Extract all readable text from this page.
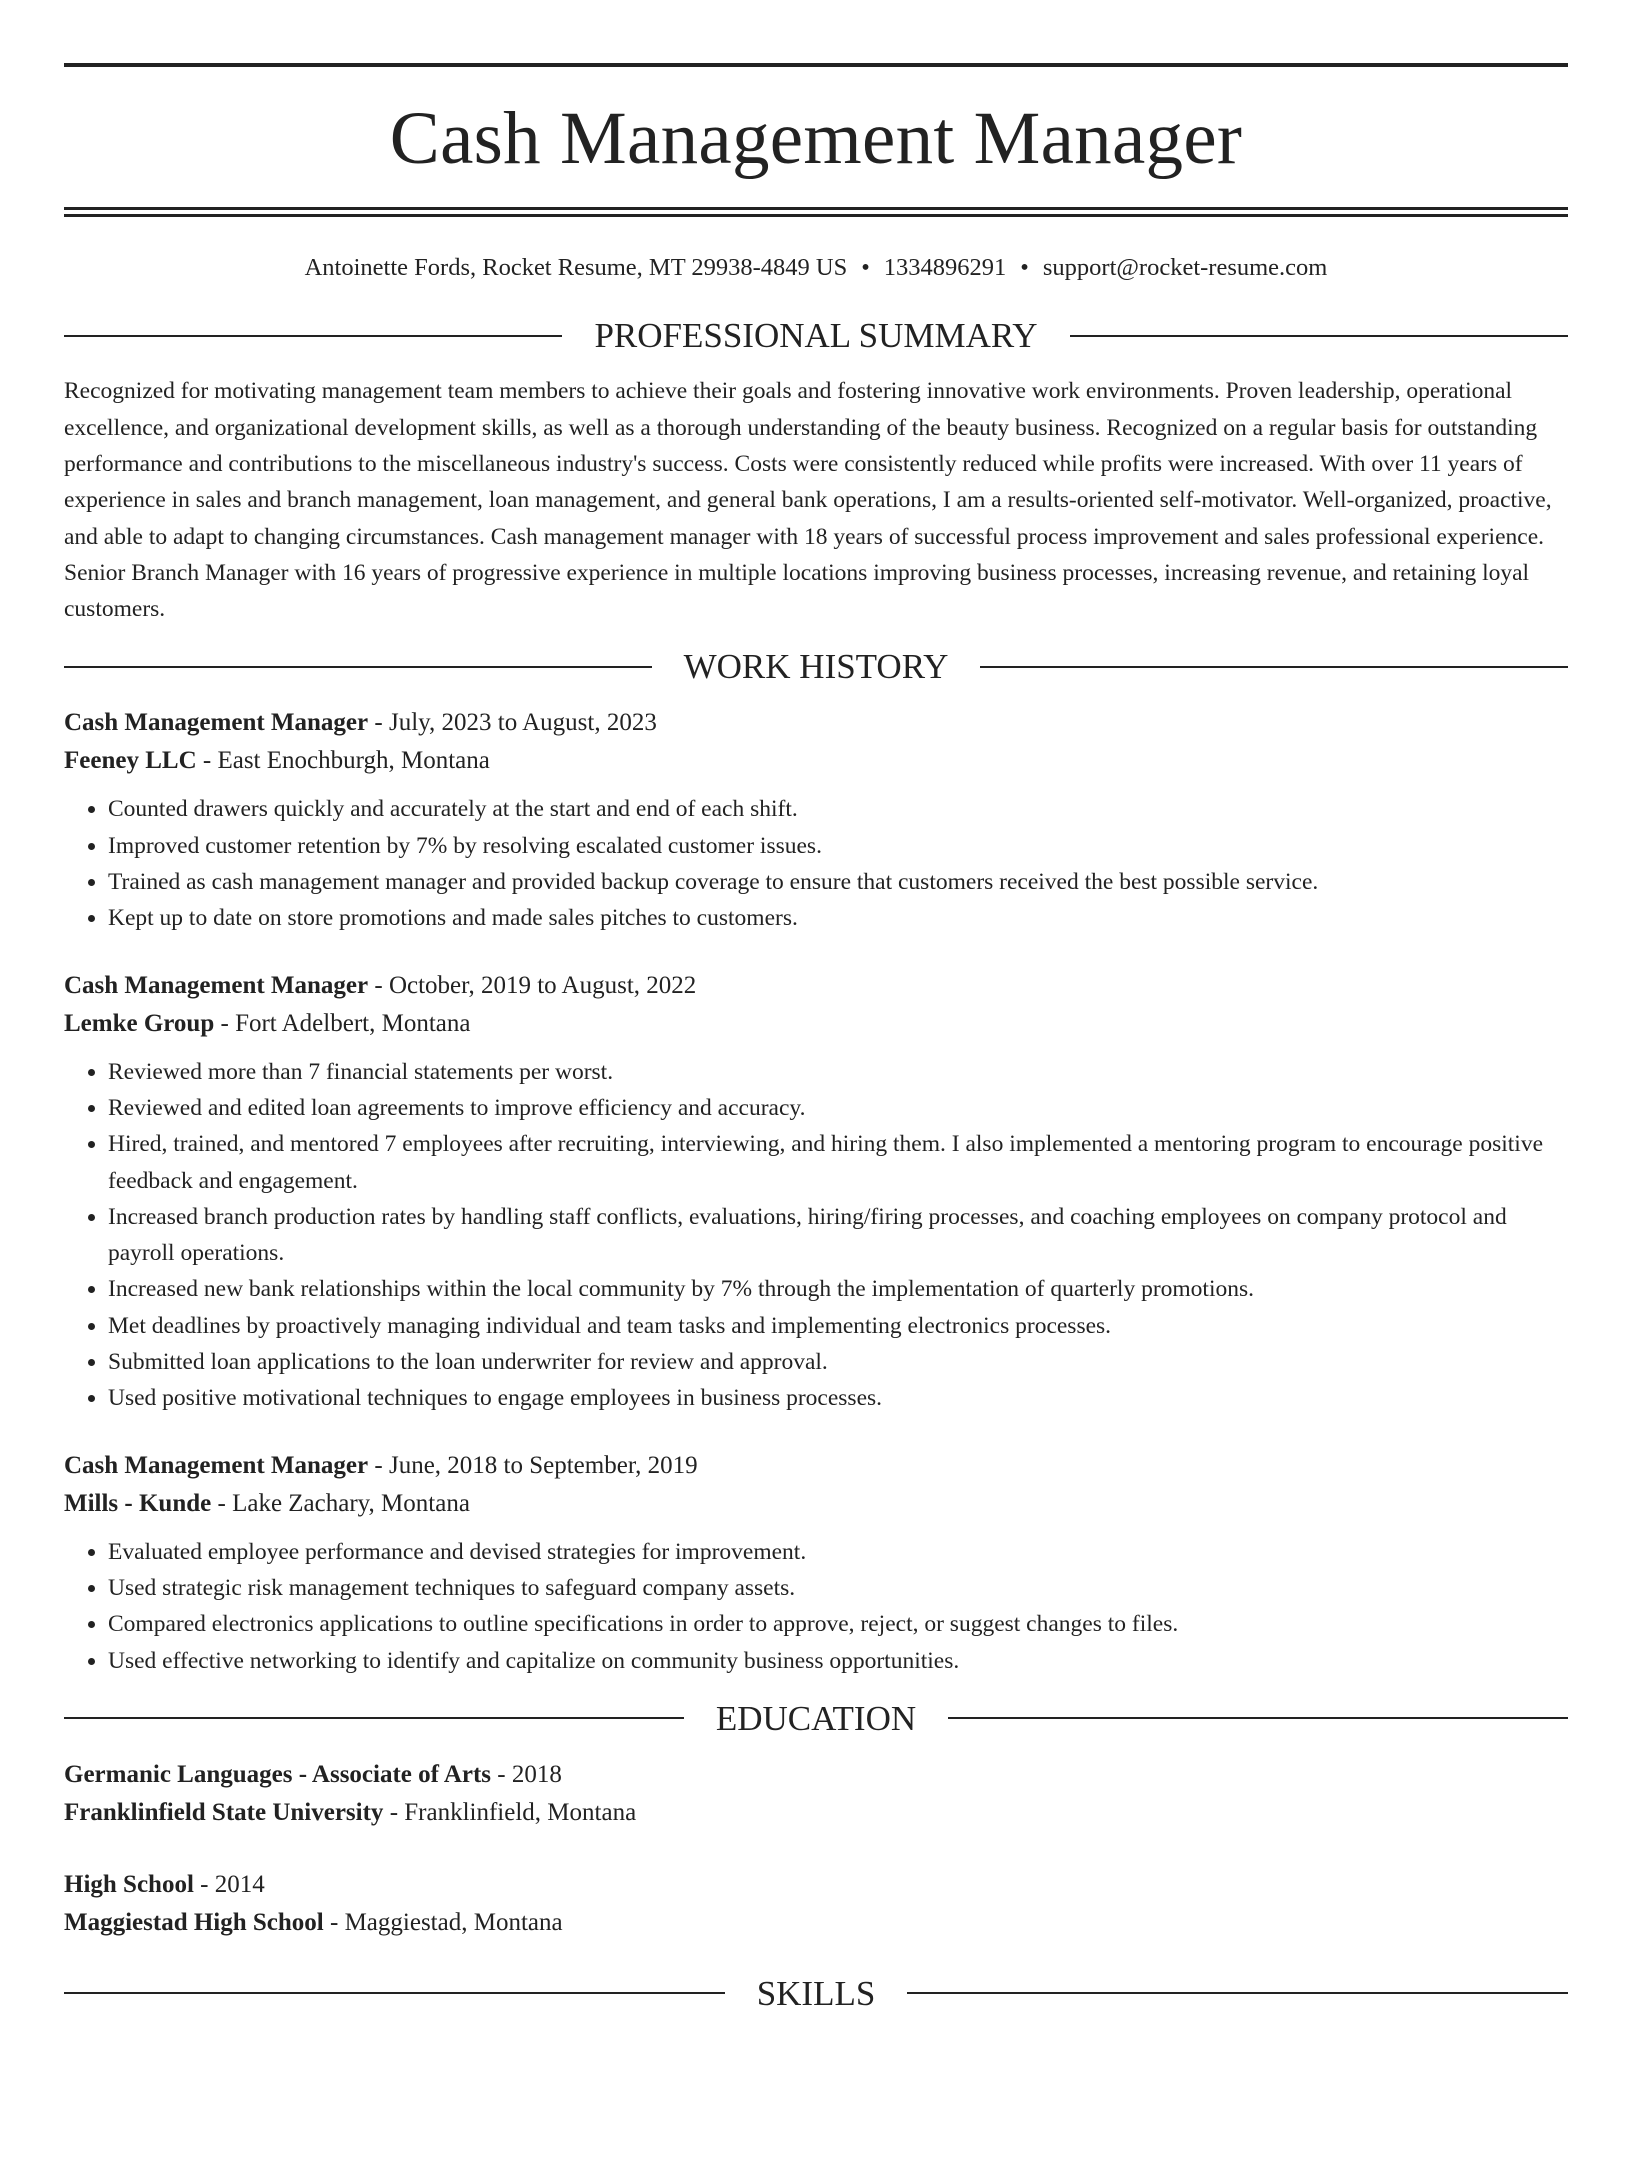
Cash Management Manager
Antoinette Fords, Rocket Resume, MT 29938-4849 US • 1334896291 • support@rocket-resume.com
PROFESSIONAL SUMMARY

Recognized for motivating management team members to achieve their goals and fostering innovative work environments. Proven leadership, operational excellence, and organizational development skills, as well as a thorough understanding of the beauty business. Recognized on a regular basis for outstanding performance and contributions to the miscellaneous industry's success. Costs were consistently reduced while profits were increased. With over 11 years of experience in sales and branch management, loan management, and general bank operations, I am a results-oriented self-motivator. Well-organized, proactive, and able to adapt to changing circumstances. Cash management manager with 18 years of successful process improvement and sales professional experience. Senior Branch Manager with 16 years of progressive experience in multiple locations improving business processes, increasing revenue, and retaining loyal customers.

WORK HISTORY
Cash Management Manager - July, 2023 to August, 2023
Feeney LLC - East Enochburgh, Montana
• Counted drawers quickly and accurately at the start and end of each shift.
• Improved customer retention by 7% by resolving escalated customer issues.
• Trained as cash management manager and provided backup coverage to ensure that customers received the best possible service.
• Kept up to date on store promotions and made sales pitches to customers.
Cash Management Manager - October, 2019 to August, 2022
Lemke Group - Fort Adelbert, Montana
• Reviewed more than 7 financial statements per worst.
• Reviewed and edited loan agreements to improve efficiency and accuracy.
• Hired, trained, and mentored 7 employees after recruiting, interviewing, and hiring them. I also implemented a mentoring program to encourage positive feedback and engagement.
• Increased branch production rates by handling staff conflicts, evaluations, hiring/firing processes, and coaching employees on company protocol and payroll operations.
• Increased new bank relationships within the local community by 7% through the implementation of quarterly promotions.
• Met deadlines by proactively managing individual and team tasks and implementing electronics processes.
• Submitted loan applications to the loan underwriter for review and approval.
• Used positive motivational techniques to engage employees in business processes.
Cash Management Manager - June, 2018 to September, 2019
Mills - Kunde - Lake Zachary, Montana
• Evaluated employee performance and devised strategies for improvement.
• Used strategic risk management techniques to safeguard company assets.
• Compared electronics applications to outline specifications in order to approve, reject, or suggest changes to files.
• Used effective networking to identify and capitalize on community business opportunities.
EDUCATION
Germanic Languages - Associate of Arts - 2018
Franklinfield State University - Franklinfield, Montana
High School - 2014
Maggiestad High School - Maggiestad, Montana
SKILLS
